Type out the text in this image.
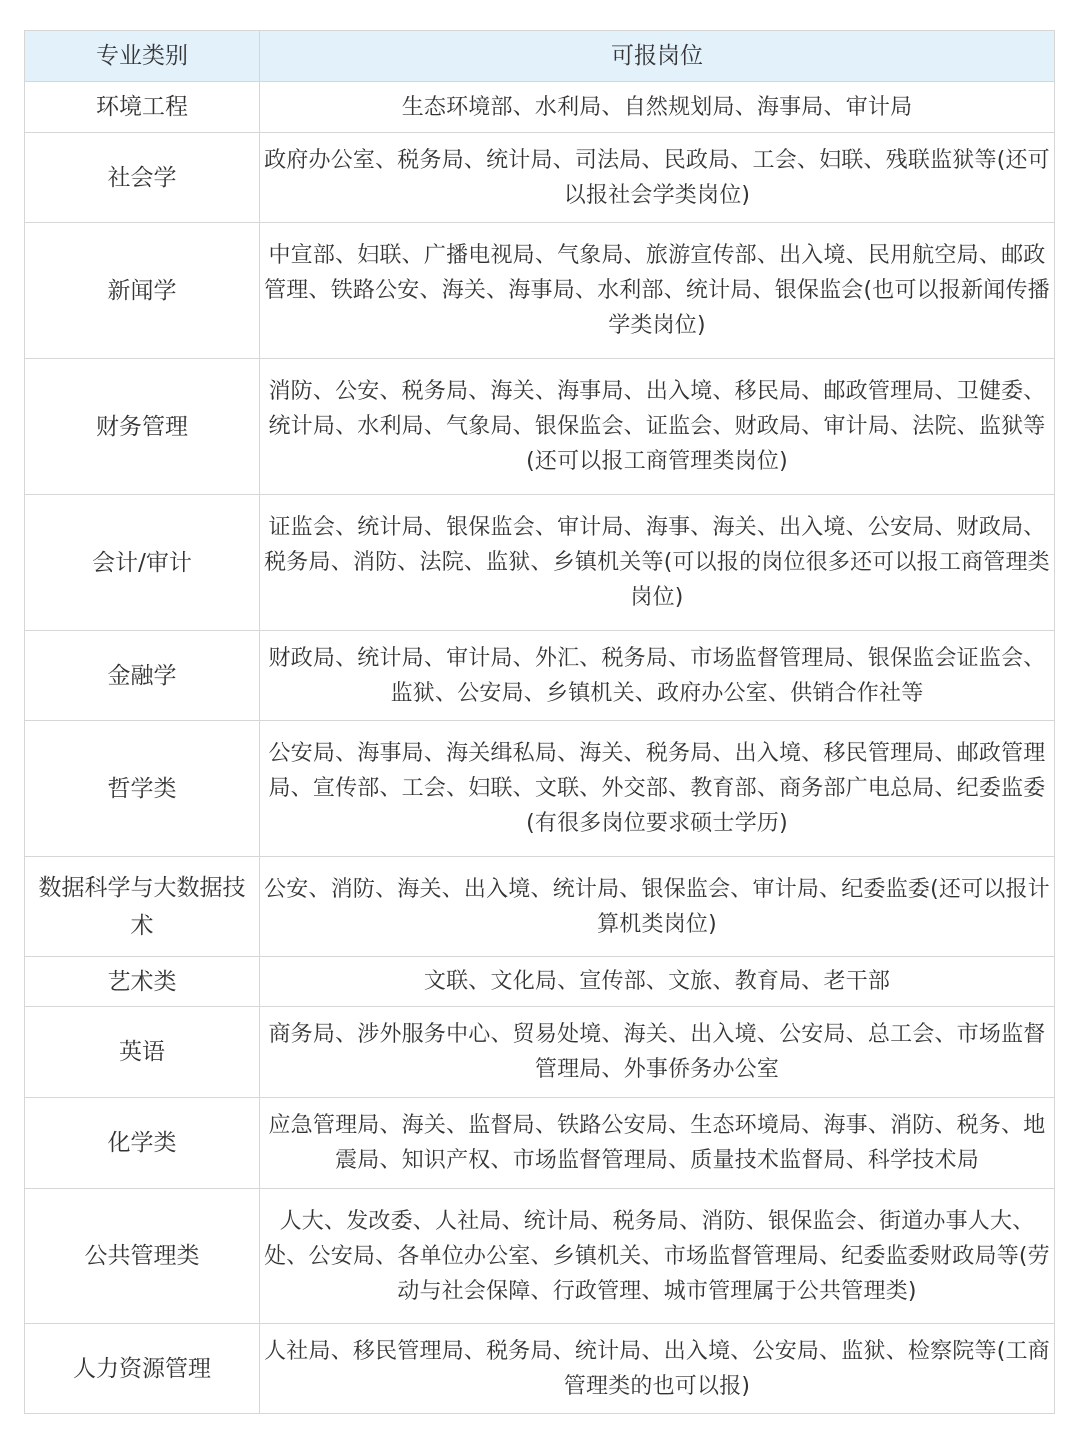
专业类别	可报岗位
环境工程	生态环境部、水利局、自然规划局、海事局、审计局
社会学	政府办公室、税务局、统计局、司法局、民政局、工会、妇联、残联监狱等(还可以报社会学类岗位)
新闻学	中宣部、妇联、广播电视局、气象局、旅游宣传部、出入境、民用航空局、邮政管理、铁路公安、海关、海事局、水利部、统计局、银保监会(也可以报新闻传播学类岗位)
财务管理	消防、公安、税务局、海关、海事局、出入境、移民局、邮政管理局、卫健委、统计局、水利局、气象局、银保监会、证监会、财政局、审计局、法院、监狱等(还可以报工商管理类岗位)
会计/审计	证监会、统计局、银保监会、审计局、海事、海关、出入境、公安局、财政局、税务局、消防、法院、监狱、乡镇机关等(可以报的岗位很多还可以报工商管理类岗位)
金融学	财政局、统计局、审计局、外汇、税务局、市场监督管理局、银保监会证监会、监狱、公安局、乡镇机关、政府办公室、供销合作社等
哲学类	公安局、海事局、海关缉私局、海关、税务局、出入境、移民管理局、邮政管理局、宣传部、工会、妇联、文联、外交部、教育部、商务部广电总局、纪委监委(有很多岗位要求硕士学历)
数据科学与大数据技术	公安、消防、海关、出入境、统计局、银保监会、审计局、纪委监委(还可以报计算机类岗位)
艺术类	文联、文化局、宣传部、文旅、教育局、老干部
英语	商务局、涉外服务中心、贸易处境、海关、出入境、公安局、总工会、市场监督管理局、外事侨务办公室
化学类	应急管理局、海关、监督局、铁路公安局、生态环境局、海事、消防、税务、地震局、知识产权、市场监督管理局、质量技术监督局、科学技术局
公共管理类	人大、发改委、人社局、统计局、税务局、消防、银保监会、街道办事人大、处、公安局、各单位办公室、乡镇机关、市场监督管理局、纪委监委财政局等(劳动与社会保障、行政管理、城市管理属于公共管理类)
人力资源管理	人社局、移民管理局、税务局、统计局、出入境、公安局、监狱、检察院等(工商管理类的也可以报)
